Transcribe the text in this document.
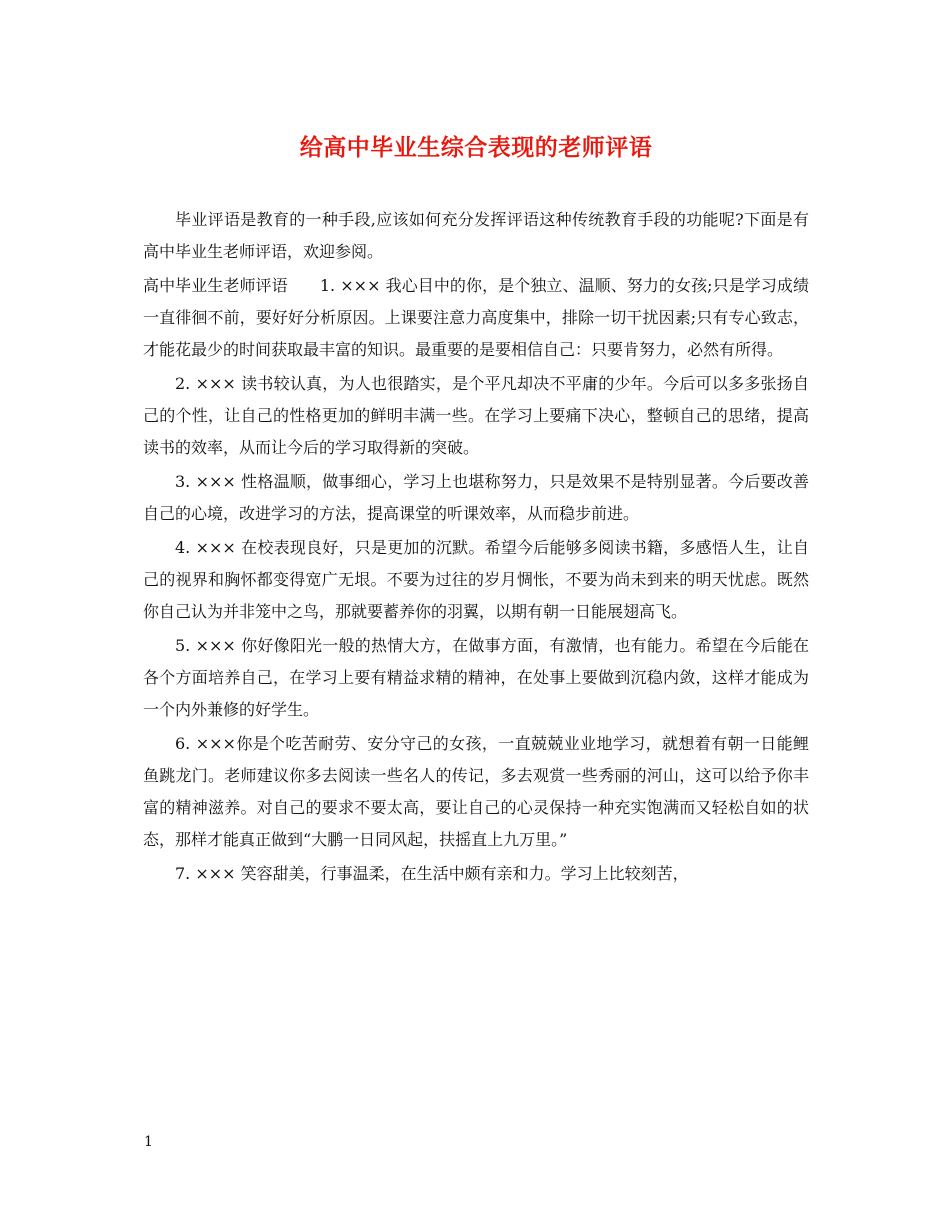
给高中毕业生综合表现的老师评语

毕业评语是教育的一种手段,应该如何充分发挥评语这种传统教育手段的功能呢?下面是有高中毕业生老师评语，欢迎参阅。

高中毕业生老师评语　　1. ××× 我心目中的你，是个独立、温顺、努力的女孩;只是学习成绩一直徘徊不前，要好好分析原因。上课要注意力高度集中，排除一切干扰因素;只有专心致志，才能花最少的时间获取最丰富的知识。最重要的是要相信自己：只要肯努力，必然有所得。

2. ××× 读书较认真，为人也很踏实，是个平凡却决不平庸的少年。今后可以多多张扬自己的个性，让自己的性格更加的鲜明丰满一些。在学习上要痛下决心，整顿自己的思绪，提高读书的效率，从而让今后的学习取得新的突破。

3. ××× 性格温顺，做事细心，学习上也堪称努力，只是效果不是特别显著。今后要改善自己的心境，改进学习的方法，提高课堂的听课效率，从而稳步前进。

4. ××× 在校表现良好，只是更加的沉默。希望今后能够多阅读书籍，多感悟人生，让自己的视界和胸怀都变得宽广无垠。不要为过往的岁月惆怅，不要为尚未到来的明天忧虑。既然你自己认为并非笼中之鸟，那就要蓄养你的羽翼，以期有朝一日能展翅高飞。

5. ××× 你好像阳光一般的热情大方，在做事方面，有激情，也有能力。希望在今后能在各个方面培养自己，在学习上要有精益求精的精神，在处事上要做到沉稳内敛，这样才能成为一个内外兼修的好学生。

6. ×××你是个吃苦耐劳、安分守己的女孩，一直兢兢业业地学习，就想着有朝一日能鲤鱼跳龙门。老师建议你多去阅读一些名人的传记，多去观赏一些秀丽的河山，这可以给予你丰富的精神滋养。对自己的要求不要太高，要让自己的心灵保持一种充实饱满而又轻松自如的状态，那样才能真正做到“大鹏一日同风起，扶摇直上九万里。”

7. ××× 笑容甜美，行事温柔，在生活中颇有亲和力。学习上比较刻苦，

1
